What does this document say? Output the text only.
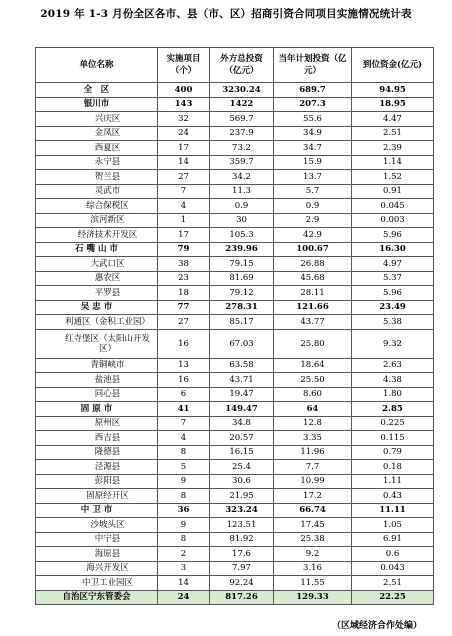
2019 年 1-3 月份全区各市、县（市、区）招商引资合同项目实施情况统计表
单位名称	实施项目（个）	外方总投资（亿元）	当年计划投资（亿元）	到位资金(亿元)
全　区	400	3230.24	689.7	94.95
银川市	143	1422	207.3	18.95
兴庆区	32	569.7	55.6	4.47
金凤区	24	237.9	34.9	2.51
西夏区	17	73.2	34.7	2.39
永宁县	14	359.7	15.9	1.14
贺兰县	27	34.2	13.7	1.52
灵武市	7	11.3	5.7	0.91
综合保税区	4	0.9	0.9	0.045
滨河新区	1	30	2.9	0.003
经济技术开发区	17	105.3	42.9	5.96
石 嘴 山 市	79	239.96	100.67	16.30
大武口区	38	79.15	26.88	4.97
惠农区	23	81.69	45.68	5.37
平罗县	18	79.12	28.11	5.96
吴 忠 市	77	278.31	121.66	23.49
利通区（金积工业园）	27	85.17	43.77	5.38
红寺堡区（太阳山开发区）	16	67.03	25.80	9.32
青铜峡市	13	63.58	18.64	2.63
盐池县	16	43.71	25.50	4.38
同心县	6	19.47	8.60	1.80
固 原 市	41	149.47	64	2.85
原州区	7	34.8	12.8	0.225
西吉县	4	20.57	3.35	0.115
隆德县	8	16.15	11.96	0.79
泾源县	5	25.4	7.7	0.18
彭阳县	9	30.6	10.99	1.11
固原经开区	8	21.95	17.2	0.43
中 卫 市	36	323.24	66.74	11.11
沙坡头区	9	123.51	17.45	1.05
中宁县	8	81.92	25.38	6.91
海原县	2	17.6	9.2	0.6
海兴开发区	3	7.97	3.16	0.043
中卫工业园区	14	92.24	11.55	2.51
自治区宁东管委会	24	817.26	129.33	22.25
（区域经济合作处编）
